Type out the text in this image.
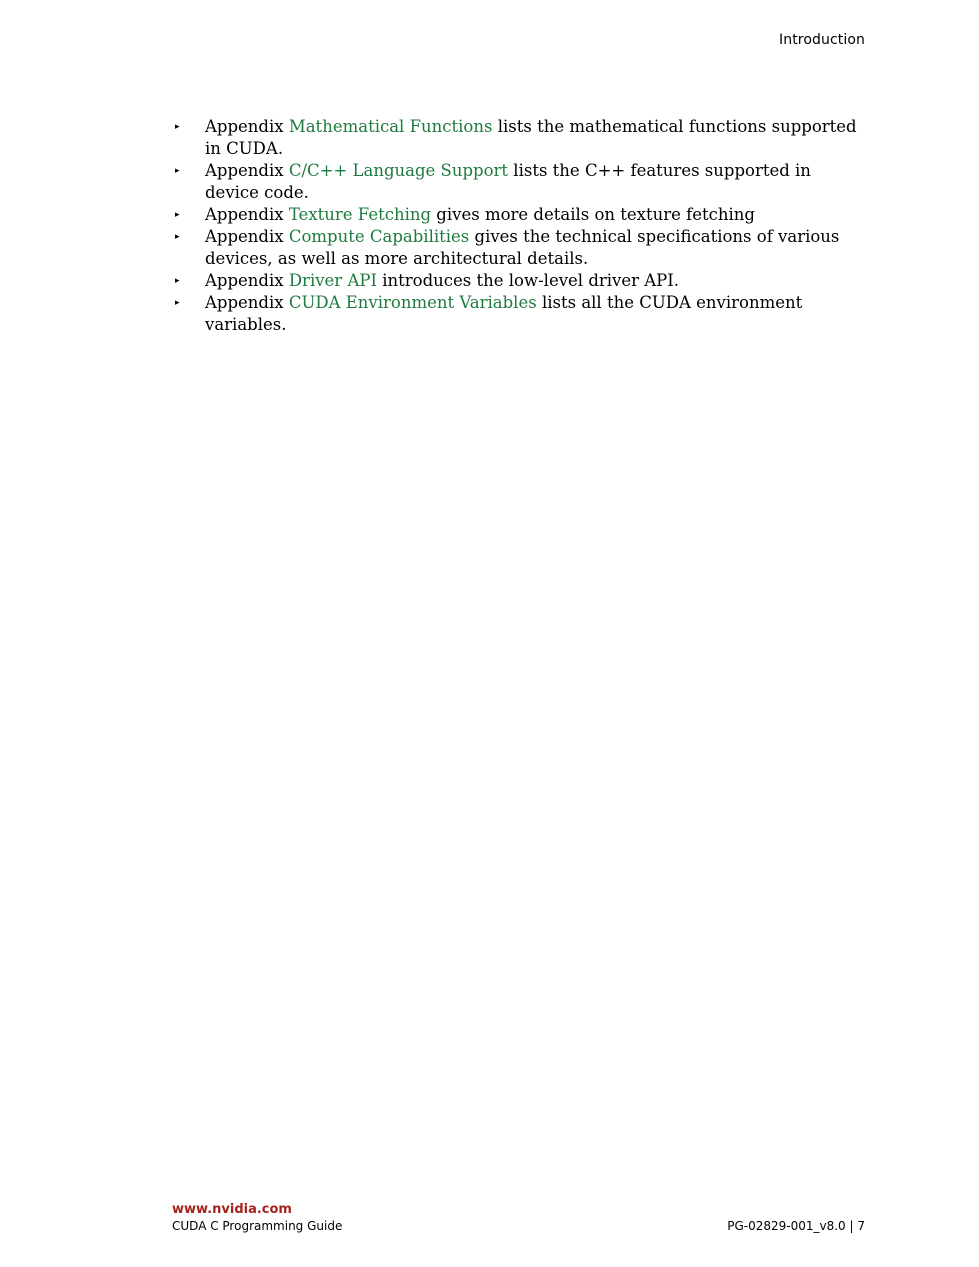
Introduction
▸ Appendix Mathematical Functions lists the mathematical functions supported in CUDA.
▸ Appendix C/C++ Language Support lists the C++ features supported in device code.
▸ Appendix Texture Fetching gives more details on texture fetching
▸ Appendix Compute Capabilities gives the technical specifications of various devices, as well as more architectural details.
▸ Appendix Driver API introduces the low-level driver API.
▸ Appendix CUDA Environment Variables lists all the CUDA environment variables.
www.nvidia.com
CUDA C Programming Guide	PG-02829-001_v8.0 | 7
